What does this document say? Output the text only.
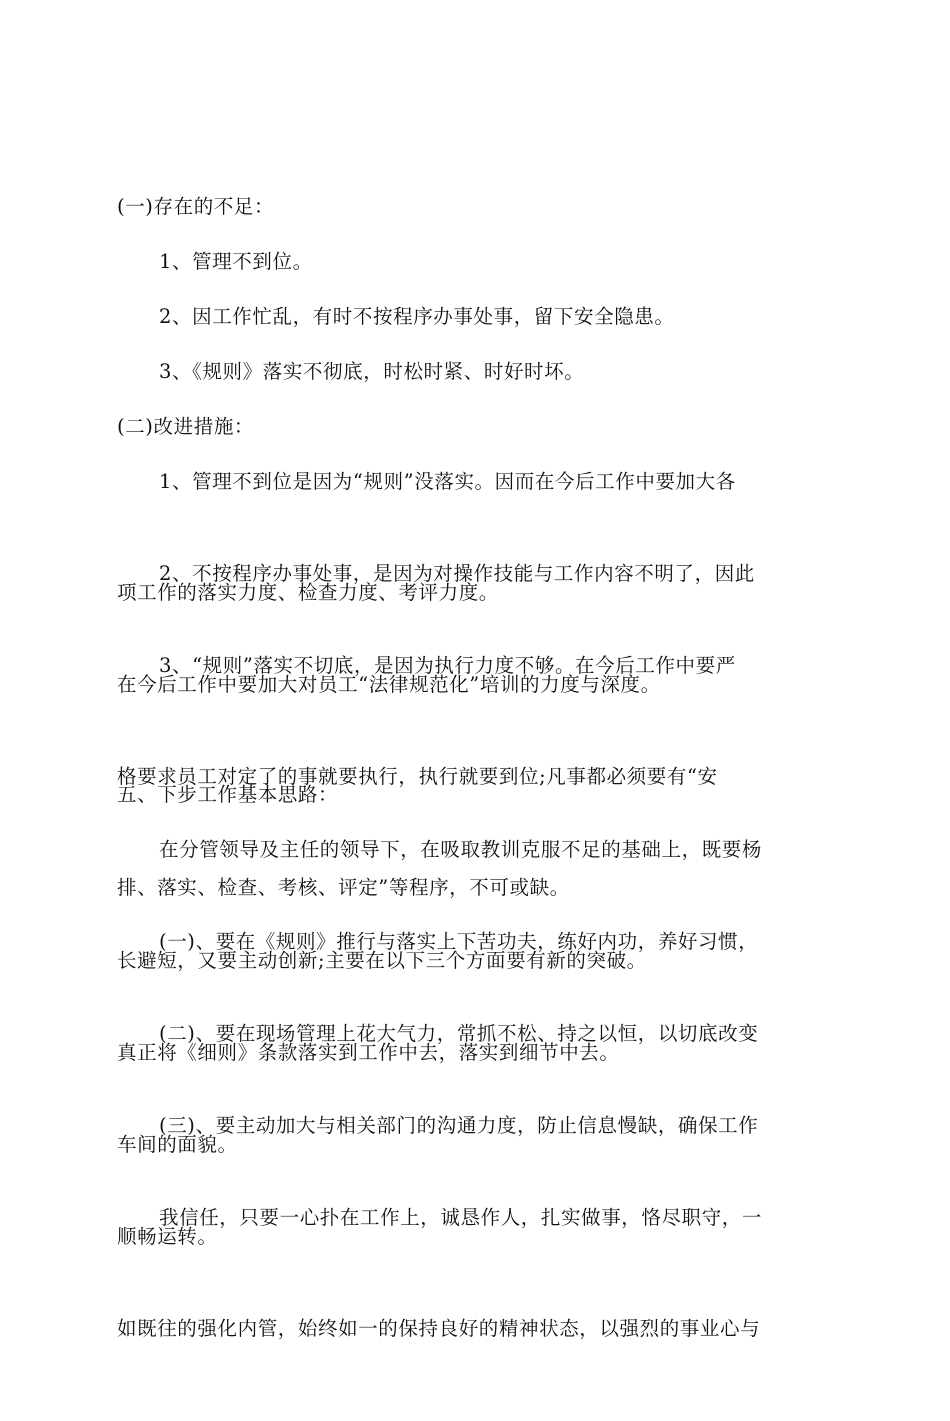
(一)存在的不足：

1、管理不到位。

2、因工作忙乱，有时不按程序办事处事，留下安全隐患。

3、《规则》落实不彻底，时松时紧、时好时坏。

(二)改进措施：

1、管理不到位是因为“规则”没落实。因而在今后工作中要加大各

项工作的落实力度、检查力度、考评力度。

2、不按程序办事处事，是因为对操作技能与工作内容不明了，因此

在今后工作中要加大对员工“法律规范化”培训的力度与深度。

3、“规则”落实不切底，是因为执行力度不够。在今后工作中要严

格要求员工对定了的事就要执行，执行就要到位;凡事都必须要有“安

排、落实、检查、考核、评定”等程序，不可或缺。

五、下步工作基本思路：

在分管领导及主任的领导下，在吸取教训克服不足的基础上，既要杨

长避短，又要主动创新;主要在以下三个方面要有新的突破。

(一)、要在《规则》推行与落实上下苦功夫，练好内功，养好习惯，

真正将《细则》条款落实到工作中去，落实到细节中去。

(二)、要在现场管理上花大气力，常抓不松、持之以恒，以切底改变

车间的面貌。

(三)、要主动加大与相关部门的沟通力度，防止信息慢缺，确保工作

顺畅运转。

我信任，只要一心扑在工作上，诚恳作人，扎实做事，恪尽职守，一

如既往的强化内管，始终如一的保持良好的精神状态，以强烈的事业心与
